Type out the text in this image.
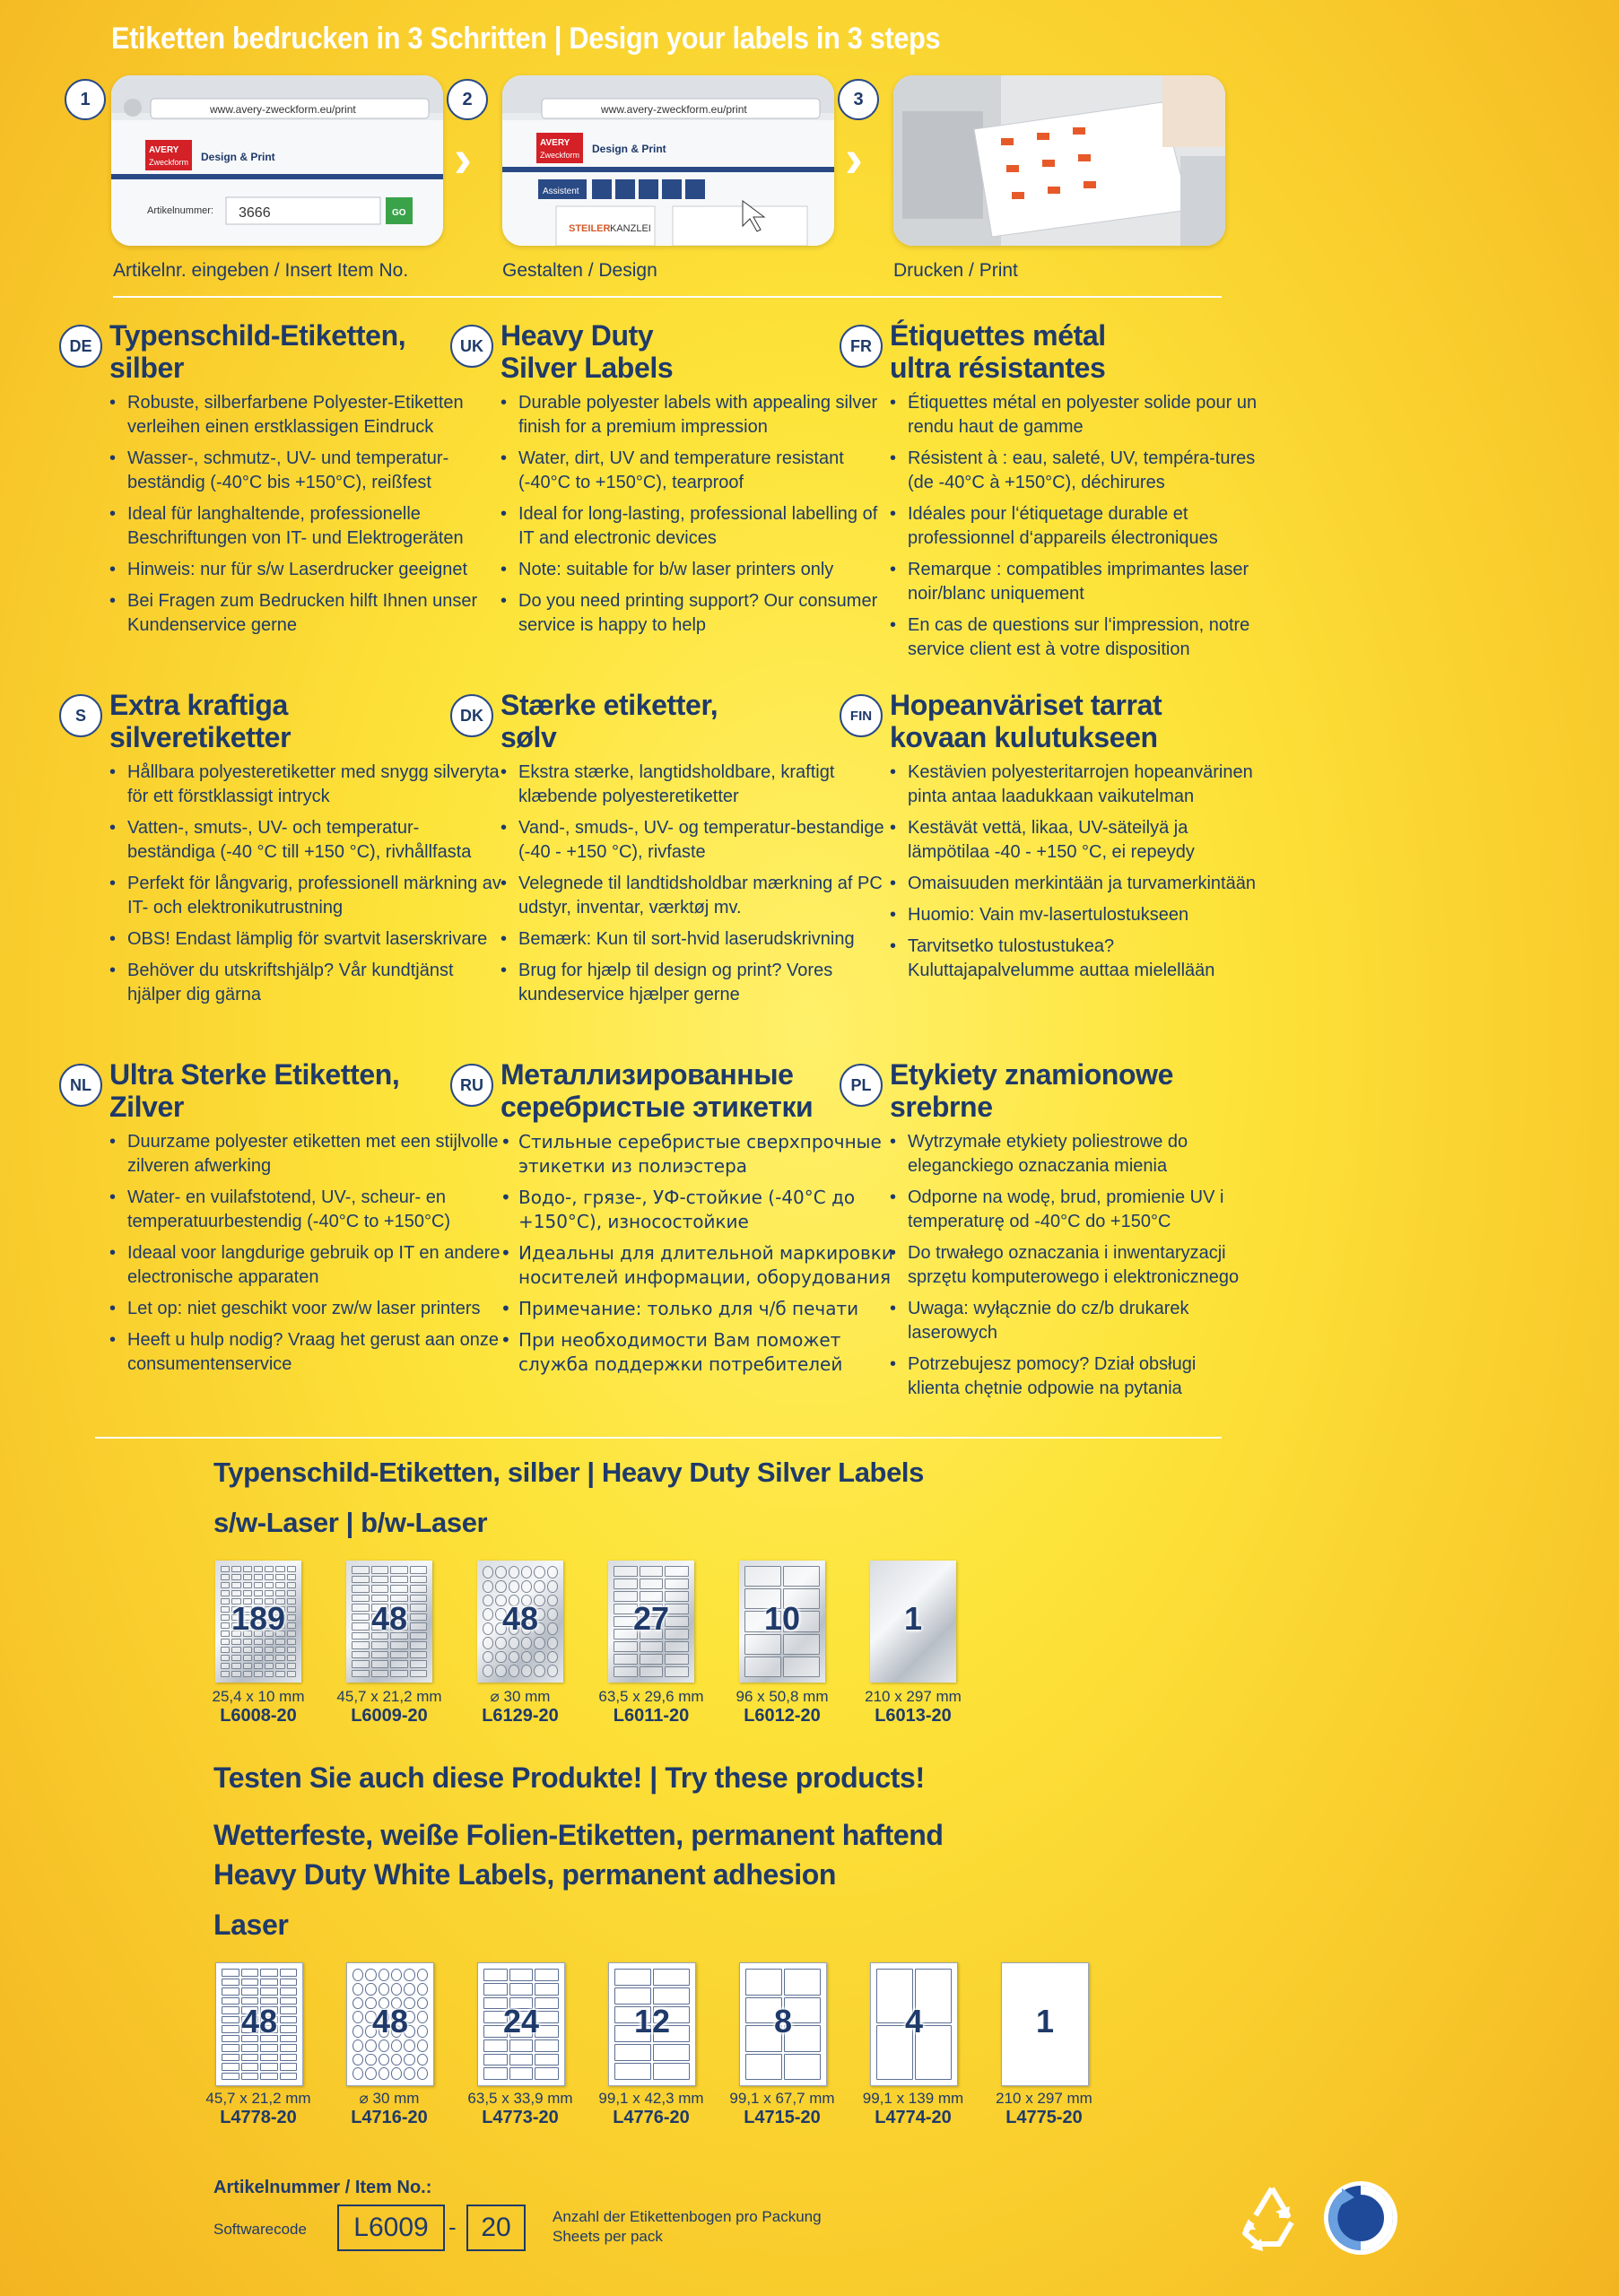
Etiketten bedrucken in 3 Schritten | Design your labels in 3 steps
1
www.avery-zweckform.eu/print
AVERY
Zweckform Design & Print
Artikelnummer: 3666	GO
›
2
www.avery-zweckform.eu/print
AVERY
Zweckform Design & Print
Assistent
STEILER KANZLEI
›
3
Artikelnr. eingeben / Insert Item No.	Gestalten / Design	Drucken / Print
DE Typenschild-Etiketten, silber
• Robuste, silberfarbene Polyester-Etiketten verleihen einen erstklassigen Eindruck
• Wasser-, schmutz-, UV- und temperatur-beständig (-40°C bis +150°C), reißfest
• Ideal für langhaltende, professionelle Beschriftungen von IT- und Elektrogeräten
• Hinweis: nur für s/w Laserdrucker geeignet
• Bei Fragen zum Bedrucken hilft Ihnen unser Kundenservice gerne
UK Heavy Duty Silver Labels
• Durable polyester labels with appealing silver finish for a premium impression
• Water, dirt, UV and temperature resistant (-40°C to +150°C), tearproof
• Ideal for long-lasting, professional labelling of IT and electronic devices
• Note: suitable for b/w laser printers only
• Do you need printing support? Our consumer service is happy to help
FR Étiquettes métal ultra résistantes
• Étiquettes métal en polyester solide pour un rendu haut de gamme
• Résistent à : eau, saleté, UV, tempéra-tures (de -40°C à +150°C), déchirures
• Idéales pour l‘étiquetage durable et professionnel d‘appareils électroniques
• Remarque : compatibles imprimantes laser noir/blanc uniquement
• En cas de questions sur l‘impression, notre service client est à votre disposition
S Extra kraftiga silveretiketter
• Hållbara polyesteretiketter med snygg silveryta för ett förstklassigt intryck
• Vatten-, smuts-, UV- och temperatur-beständiga (-40 °C till +150 °C), rivhållfasta
• Perfekt för långvarig, professionell märkning av IT- och elektronikutrustning
• OBS! Endast lämplig för svartvit laserskrivare
• Behöver du utskriftshjälp? Vår kundtjänst hjälper dig gärna
DK Stærke etiketter, sølv
• Ekstra stærke, langtidsholdbare, kraftigt klæbende polyesteretiketter
• Vand-, smuds-, UV- og temperatur-bestandige (-40 - +150 °C), rivfaste
• Velegnede til landtidsholdbar mærkning af PC udstyr, inventar, værktøj mv.
• Bemærk: Kun til sort-hvid laserudskrivning
• Brug for hjælp til design og print? Vores kundeservice hjælper gerne
FIN Hopeanväriset tarrat kovaan kulutukseen
• Kestävien polyesteritarrojen hopeanvärinen pinta antaa laadukkaan vaikutelman
• Kestävät vettä, likaa, UV-säteilyä ja lämpötilaa -40 - +150 °C, ei repeydy
• Omaisuuden merkintään ja turvamerkintään
• Huomio: Vain mv-lasertulostukseen
• Tarvitsetko tulostustukea? Kuluttajapalvelumme auttaa mielellään
NL Ultra Sterke Etiketten, Zilver
• Duurzame polyester etiketten met een stijlvolle zilveren afwerking
• Water- en vuilafstotend, UV-, scheur- en temperatuurbestendig (-40°C to +150°C)
• Ideaal voor langdurige gebruik op IT en andere electronische apparaten
• Let op: niet geschikt voor zw/w laser printers
• Heeft u hulp nodig? Vraag het gerust aan onze consumentenservice
RU Металлизированные серебристые этикетки
• Стильные серебристые сверхпрочные этикетки из полиэстера
• Водо-, грязе-, УФ-стойкие (-40°C до +150°C), износостойкие
• Идеальны для длительной маркировки носителей информации, оборудования
• Примечание: только для ч/б печати
• При необходимости Вам поможет служба поддержки потребителей
PL Etykiety znamionowe srebrne
• Wytrzymałe etykiety poliestrowe do eleganckiego oznaczania mienia
• Odporne na wodę, brud, promienie UV i temperaturę od -40°C do +150°C
• Do trwałego oznaczania i inwentaryzacji sprzętu komputerowego i elektronicznego
• Uwaga: wyłącznie do cz/b drukarek laserowych
• Potrzebujesz pomocy? Dział obsługi klienta chętnie odpowie na pytania
Typenschild-Etiketten, silber | Heavy Duty Silver Labels
s/w-Laser | b/w-Laser
189
25,4 x 10 mm
L6008-20
48
45,7 x 21,2 mm
L6009-20
48
⌀ 30 mm
L6129-20
27
63,5 x 29,6 mm
L6011-20
10
96 x 50,8 mm
L6012-20
1
210 x 297 mm
L6013-20
Testen Sie auch diese Produkte! | Try these products!
Wetterfeste, weiße Folien-Etiketten, permanent haftend
Heavy Duty White Labels, permanent adhesion
Laser
48
45,7 x 21,2 mm
L4778-20
48
⌀ 30 mm
L4716-20
24
63,5 x 33,9 mm
L4773-20
12
99,1 x 42,3 mm
L4776-20
8
99,1 x 67,7 mm
L4715-20
4
99,1 x 139 mm
L4774-20
1
210 x 297 mm
L4775-20
Artikelnummer / Item No.:
Softwarecode	L6009 - 20	Anzahl der Etikettenbogen pro Packung
Sheets per pack
